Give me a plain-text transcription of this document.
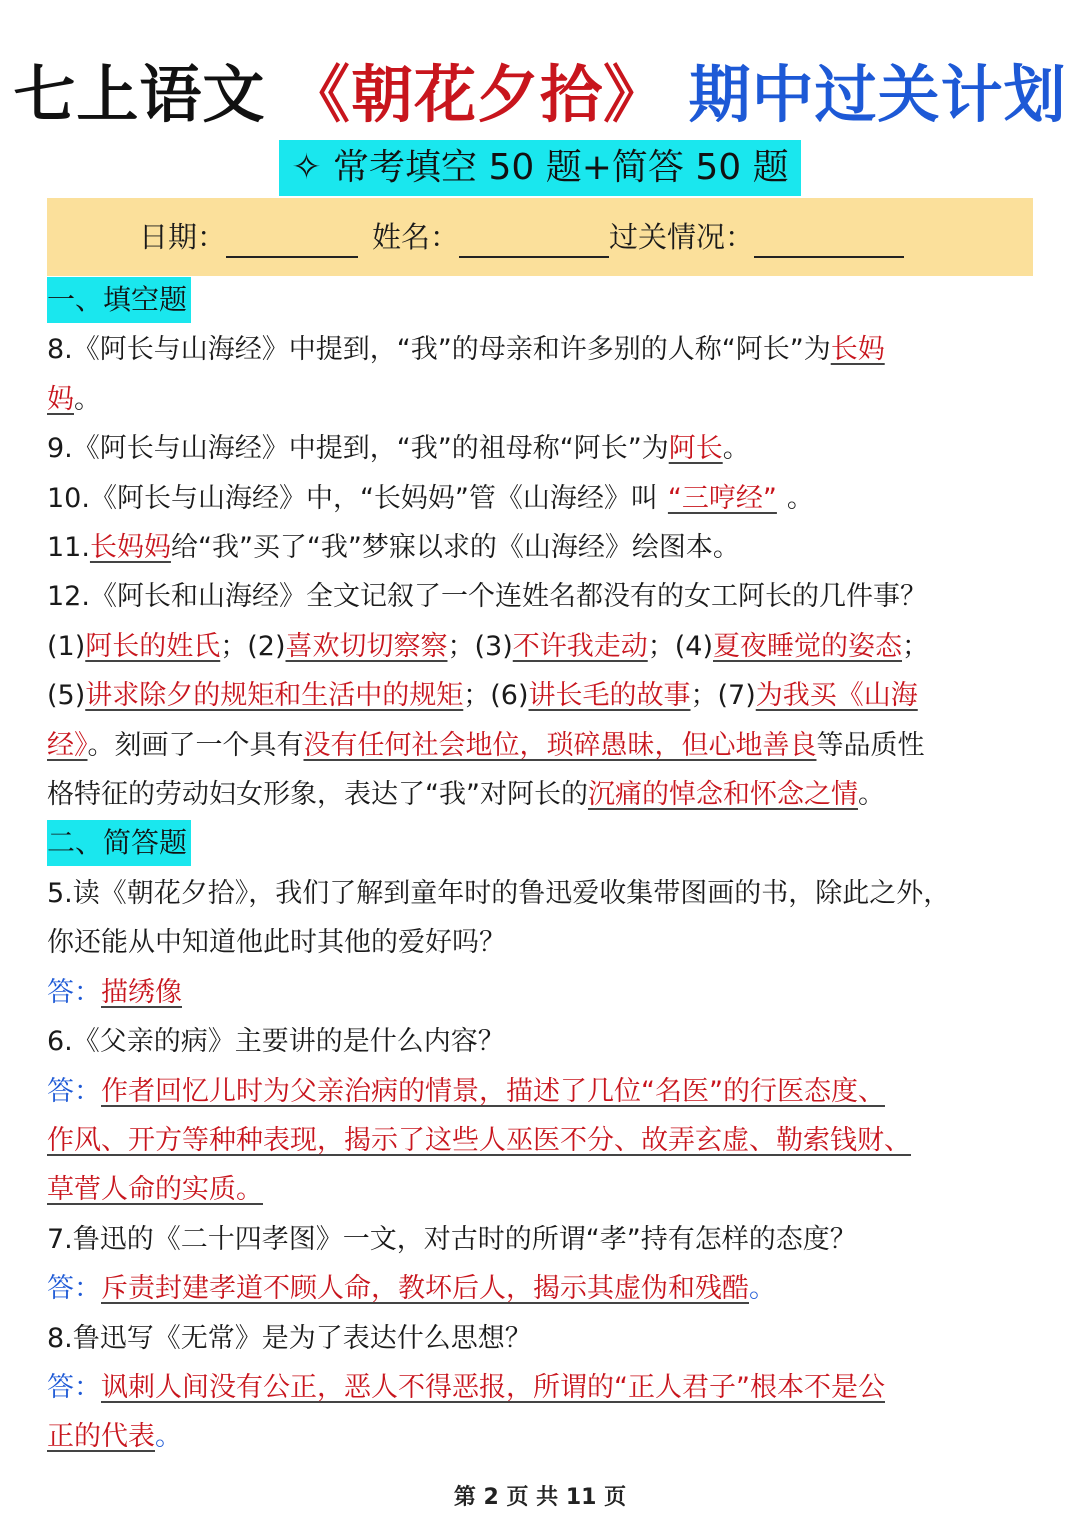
七上语文 《朝花夕拾》 期中过关计划
✧ 常考填空 50 题+简答 50 题
日期：	姓名：	过关情况：
一、填空题
8.《阿长与山海经》中提到，“我”的母亲和许多别的人称“阿长”为长妈
妈。
9.《阿长与山海经》中提到，“我”的祖母称“阿长”为阿长。
10.《阿长与山海经》中，“长妈妈”管《山海经》叫 “三哼经” 。
11.长妈妈给“我”买了“我”梦寐以求的《山海经》绘图本。
12.《阿长和山海经》全文记叙了一个连姓名都没有的女工阿长的几件事？
(1)阿长的姓氏；(2)喜欢切切察察；(3)不许我走动；(4)夏夜睡觉的姿态；
(5)讲求除夕的规矩和生活中的规矩；(6)讲长毛的故事；(7)为我买《山海
经》。刻画了一个具有没有任何社会地位，琐碎愚昧，但心地善良等品质性
格特征的劳动妇女形象，表达了“我”对阿长的沉痛的悼念和怀念之情。
二、简答题
5.读《朝花夕拾》，我们了解到童年时的鲁迅爱收集带图画的书，除此之外，
你还能从中知道他此时其他的爱好吗？
答：描绣像
6.《父亲的病》主要讲的是什么内容？
答：作者回忆儿时为父亲治病的情景，描述了几位“名医”的行医态度、
作风、开方等种种表现，揭示了这些人巫医不分、故弄玄虚、勒索钱财、
草菅人命的实质。
7.鲁迅的《二十四孝图》一文，对古时的所谓“孝”持有怎样的态度？
答：斥责封建孝道不顾人命，教坏后人，揭示其虚伪和残酷。
8.鲁迅写《无常》是为了表达什么思想？
答：讽刺人间没有公正，恶人不得恶报，所谓的“正人君子”根本不是公
正的代表。
第 2 页 共 11 页
